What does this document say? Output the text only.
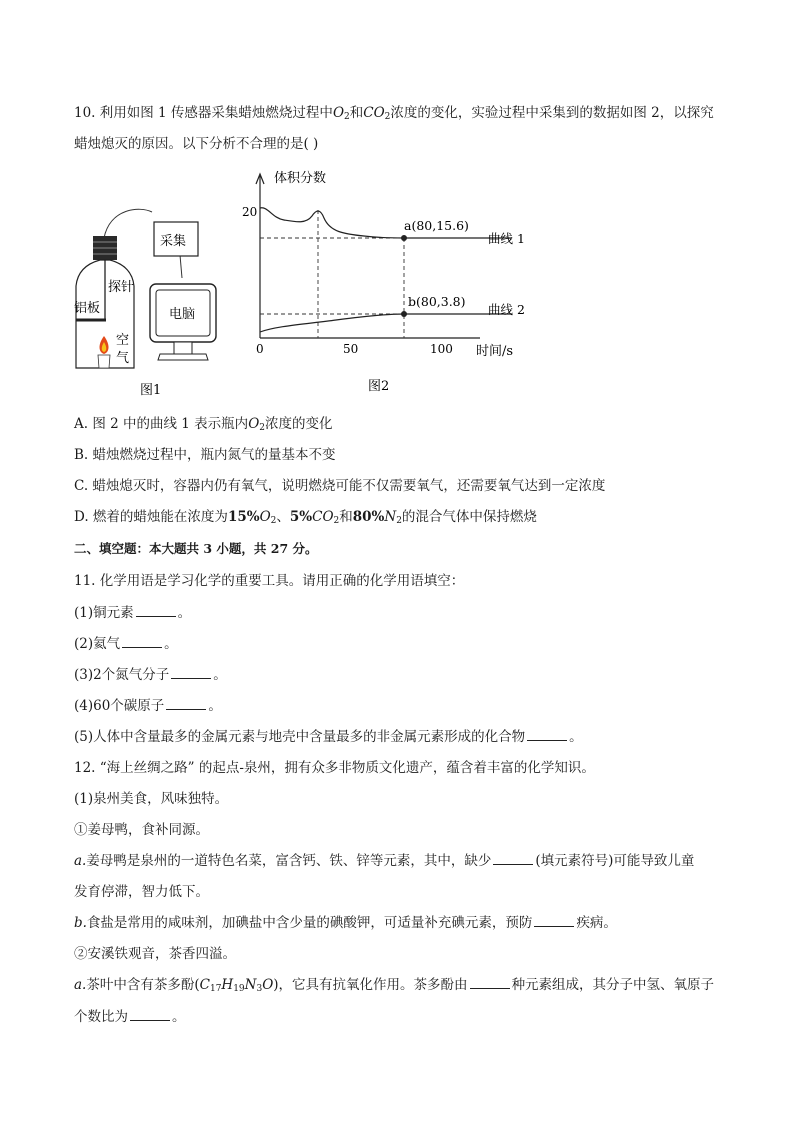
10. 利用如图 1 传感器采集蜡烛燃烧过程中$O_2$和$CO_2$浓度的变化，实验过程中采集到的数据如图 2，以探究
蜡烛熄灭的原因。以下分析不合理的是( )
探针
铝板
空
气
采集
电脑
图1
体积分数
20
0	50	100 时间/s
a(80,15.6)
b(80,3.8)
曲线 1
曲线 2
图2
A. 图 2 中的曲线 1 表示瓶内$O_2$浓度的变化
B. 蜡烛燃烧过程中，瓶内氮气的量基本不变
C. 蜡烛熄灭时，容器内仍有氧气，说明燃烧可能不仅需要氧气，还需要氧气达到一定浓度
D. 燃着的蜡烛能在浓度为$15\%O_2$、$5\%CO_2$和$80\%N_2$的混合气体中保持燃烧
二、填空题：本大题共 3 小题，共 27 分。
11. 化学用语是学习化学的重要工具。请用正确的化学用语填空：
(1)铜元素	。
(2)氦气	。
(3)2个氮气分子	。
(4)60个碳原子	。
(5)人体中含量最多的金属元素与地壳中含量最多的非金属元素形成的化合物	。
12. “海上丝绸之路” 的起点-泉州，拥有众多非物质文化遗产，蕴含着丰富的化学知识。
(1)泉州美食，风味独特。
①姜母鸭，食补同源。
a.姜母鸭是泉州的一道特色名菜，富含钙、铁、锌等元素，其中，缺少	(填元素符号)可能导致儿童
发育停滞，智力低下。
b.食盐是常用的咸味剂，加碘盐中含少量的碘酸钾，可适量补充碘元素，预防	疾病。
②安溪铁观音，茶香四溢。
a.茶叶中含有茶多酚$(C_{17}H_{19}N_3O)$，它具有抗氧化作用。茶多酚由	种元素组成，其分子中氢、氧原子
个数比为	。
